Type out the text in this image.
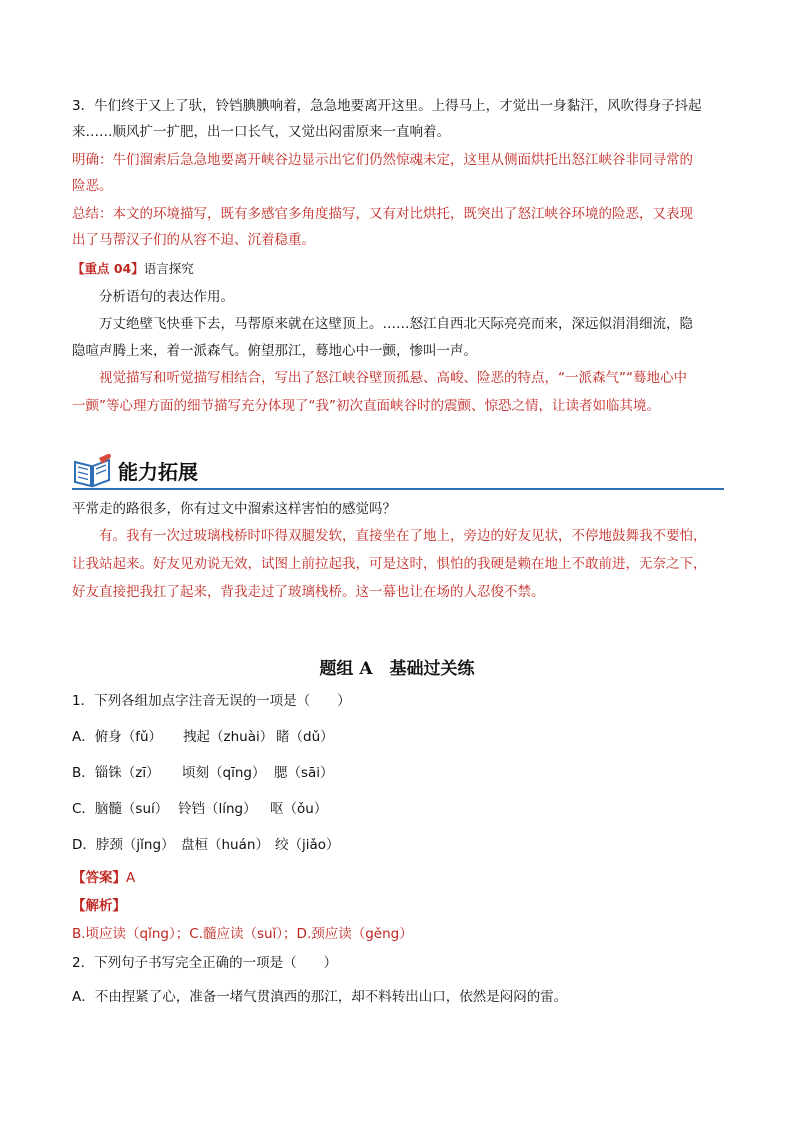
3．牛们终于又上了驮，铃铛腆腆响着，急急地要离开这里。上得马上，才觉出一身黏汗，风吹得身子抖起
来……顺风扩一扩肥，出一口长气，又觉出闷雷原来一直响着。
明确：牛们溜索后急急地要离开峡谷边显示出它们仍然惊魂未定，这里从侧面烘托出怒江峡谷非同寻常的
险恶。
总结：本文的环境描写，既有多感官多角度描写，又有对比烘托，既突出了怒江峡谷环境的险恶，又表现
出了马帮汉子们的从容不迫、沉着稳重。
【重点 04】语言探究
分析语句的表达作用。
万丈绝壁飞快垂下去，马帮原来就在这壁顶上。……怒江自西北天际亮亮而来，深远似涓涓细流，隐
隐喧声腾上来，着一派森气。俯望那江，蓦地心中一颤，惨叫一声。
视觉描写和听觉描写相结合，写出了怒江峡谷壁顶孤悬、高峻、险恶的特点，“一派森气”“蓦地心中
一颤”等心理方面的细节描写充分体现了“我”初次直面峡谷时的震颤、惊恐之情，让读者如临其境。
能力拓展
平常走的路很多，你有过文中溜索这样害怕的感觉吗？
有。我有一次过玻璃栈桥时吓得双腿发软，直接坐在了地上，旁边的好友见状，不停地鼓舞我不要怕，
让我站起来。好友见劝说无效，试图上前拉起我，可是这时，惧怕的我硬是赖在地上不敢前进，无奈之下，
好友直接把我扛了起来，背我走过了玻璃栈桥。这一幕也让在场的人忍俊不禁。
题组 A　基础过关练
1．下列各组加点字注音无误的一项是（　　）
A．俯身（fǔ） 拽起（zhuài） 睹（dǔ）
B．锱铢（zī） 顷刻（qīng） 腮（sāi）
C．脑髓（suí） 铃铛（líng） 呕（ǒu）
D．脖颈（jǐng） 盘桓（huán） 绞（jiǎo）
【答案】A
【解析】
B.顷应读（qǐng）；C.髓应读（suǐ）；D.颈应读（gěng）
2．下列句子书写完全正确的一项是（　　）
A．不由捏紧了心，准备一堵气贯滇西的那江，却不料转出山口，依然是闷闷的雷。
